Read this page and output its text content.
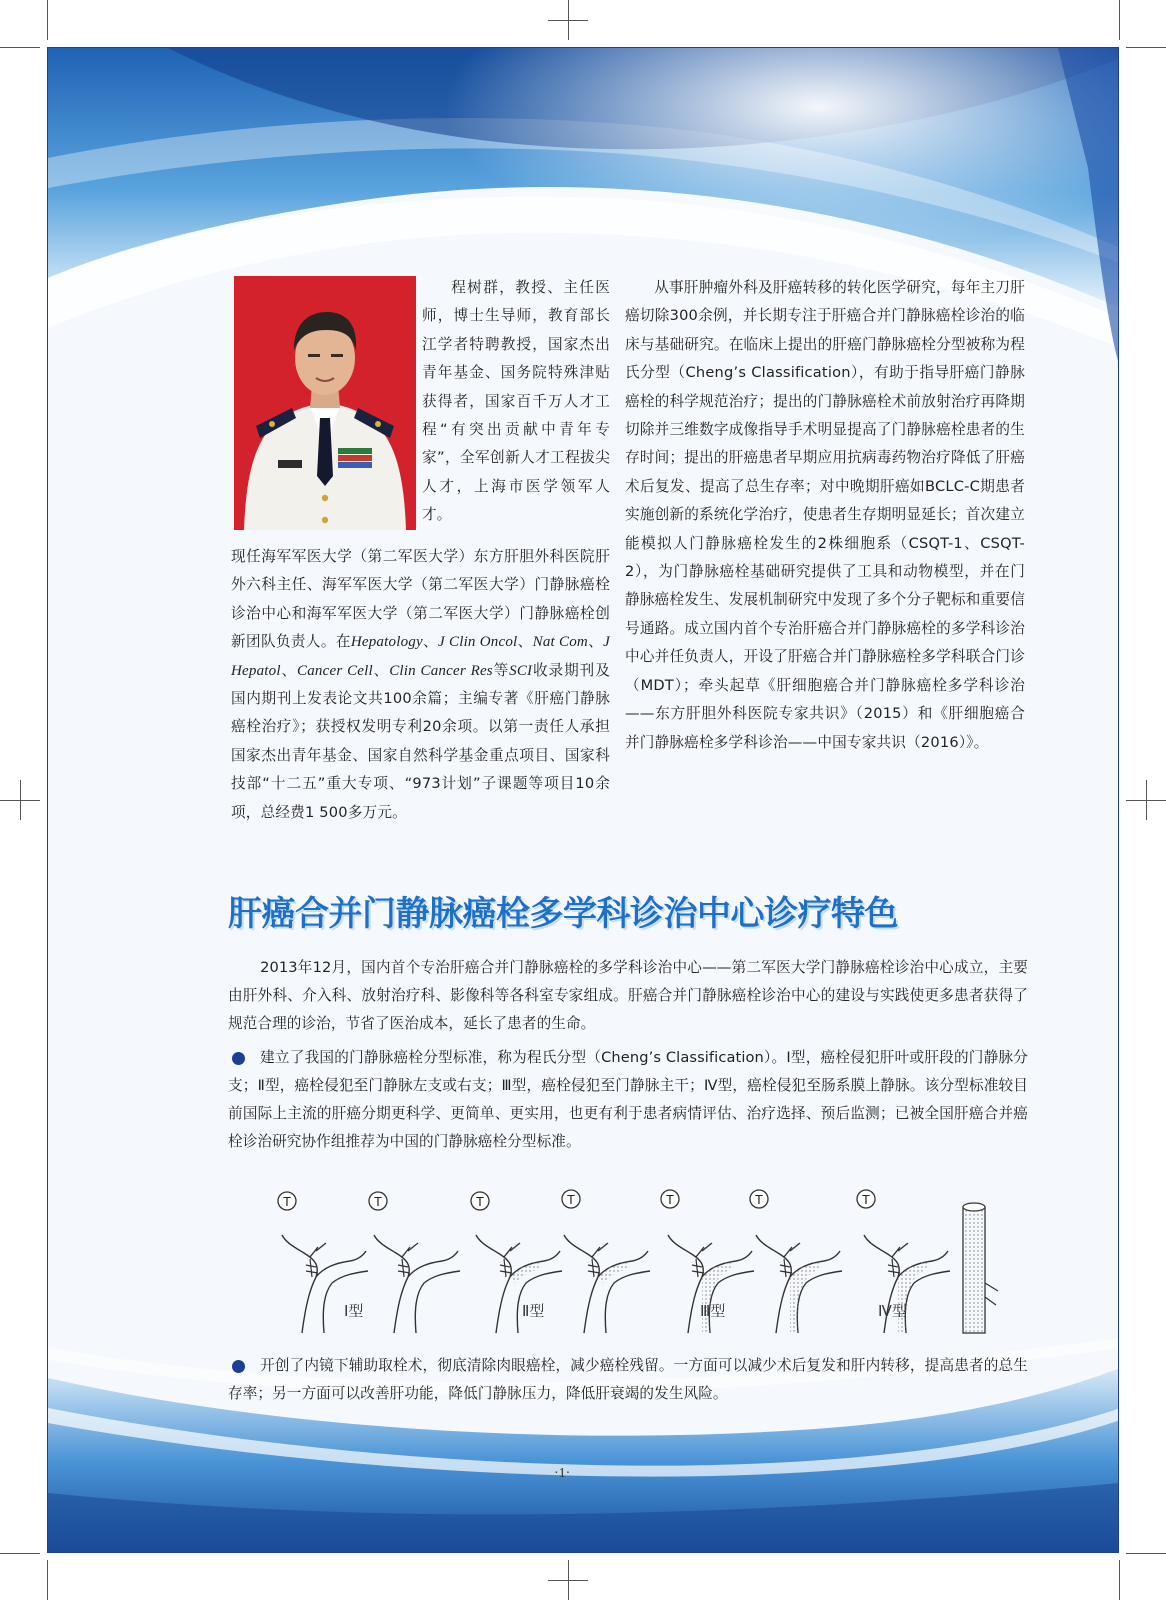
程树群，教授、主任医师，博士生导师，教育部长江学者特聘教授，国家杰出青年基金、国务院特殊津贴获得者，国家百千万人才工程“有突出贡献中青年专家”，全军创新人才工程拔尖人才，上海市医学领军人才。

现任海军军医大学（第二军医大学）东方肝胆外科医院肝外六科主任、海军军医大学（第二军医大学）门静脉癌栓诊治中心和海军军医大学（第二军医大学）门静脉癌栓创新团队负责人。在Hepatology、J Clin Oncol、Nat Com、J Hepatol、Cancer Cell、Clin Cancer Res等SCI收录期刊及国内期刊上发表论文共100余篇；主编专著《肝癌门静脉癌栓治疗》；获授权发明专利20余项。以第一责任人承担国家杰出青年基金、国家自然科学基金重点项目、国家科技部“十二五”重大专项、“973计划”子课题等项目10余项，总经费1 500多万元。

从事肝肿瘤外科及肝癌转移的转化医学研究，每年主刀肝癌切除300余例，并长期专注于肝癌合并门静脉癌栓诊治的临床与基础研究。在临床上提出的肝癌门静脉癌栓分型被称为程氏分型（Cheng’s Classification），有助于指导肝癌门静脉癌栓的科学规范治疗；提出的门静脉癌栓术前放射治疗再降期切除并三维数字成像指导手术明显提高了门静脉癌栓患者的生存时间；提出的肝癌患者早期应用抗病毒药物治疗降低了肝癌术后复发、提高了总生存率；对中晚期肝癌如BCLC-C期患者实施创新的系统化学治疗，使患者生存期明显延长；首次建立能模拟人门静脉癌栓发生的2株细胞系（CSQT-1、CSQT-2），为门静脉癌栓基础研究提供了工具和动物模型，并在门静脉癌栓发生、发展机制研究中发现了多个分子靶标和重要信号通路。成立国内首个专治肝癌合并门静脉癌栓的多学科诊治中心并任负责人，开设了肝癌合并门静脉癌栓多学科联合门诊（MDT）；牵头起草《肝细胞癌合并门静脉癌栓多学科诊治——东方肝胆外科医院专家共识》（2015）和《肝细胞癌合并门静脉癌栓多学科诊治——中国专家共识（2016）》。

肝癌合并门静脉癌栓多学科诊治中心诊疗特色

2013年12月，国内首个专治肝癌合并门静脉癌栓的多学科诊治中心——第二军医大学门静脉癌栓诊治中心成立，主要由肝外科、介入科、放射治疗科、影像科等各科室专家组成。肝癌合并门静脉癌栓诊治中心的建设与实践使更多患者获得了规范合理的诊治，节省了医治成本，延长了患者的生命。

建立了我国的门静脉癌栓分型标准，称为程氏分型（Cheng’s Classification）。Ⅰ型，癌栓侵犯肝叶或肝段的门静脉分支；Ⅱ型，癌栓侵犯至门静脉左支或右支；Ⅲ型，癌栓侵犯至门静脉主干；Ⅳ型，癌栓侵犯至肠系膜上静脉。该分型标准较目前国际上主流的肝癌分期更科学、更简单、更实用，也更有利于患者病情评估、治疗选择、预后监测；已被全国肝癌合并癌栓诊治研究协作组推荐为中国的门静脉癌栓分型标准。

T	T	T	T	T	T	T
Ⅰ型	Ⅱ型	Ⅲ型	Ⅳ型

开创了内镜下辅助取栓术，彻底清除肉眼癌栓，减少癌栓残留。一方面可以减少术后复发和肝内转移，提高患者的总生存率；另一方面可以改善肝功能，降低门静脉压力，降低肝衰竭的发生风险。

·1·
